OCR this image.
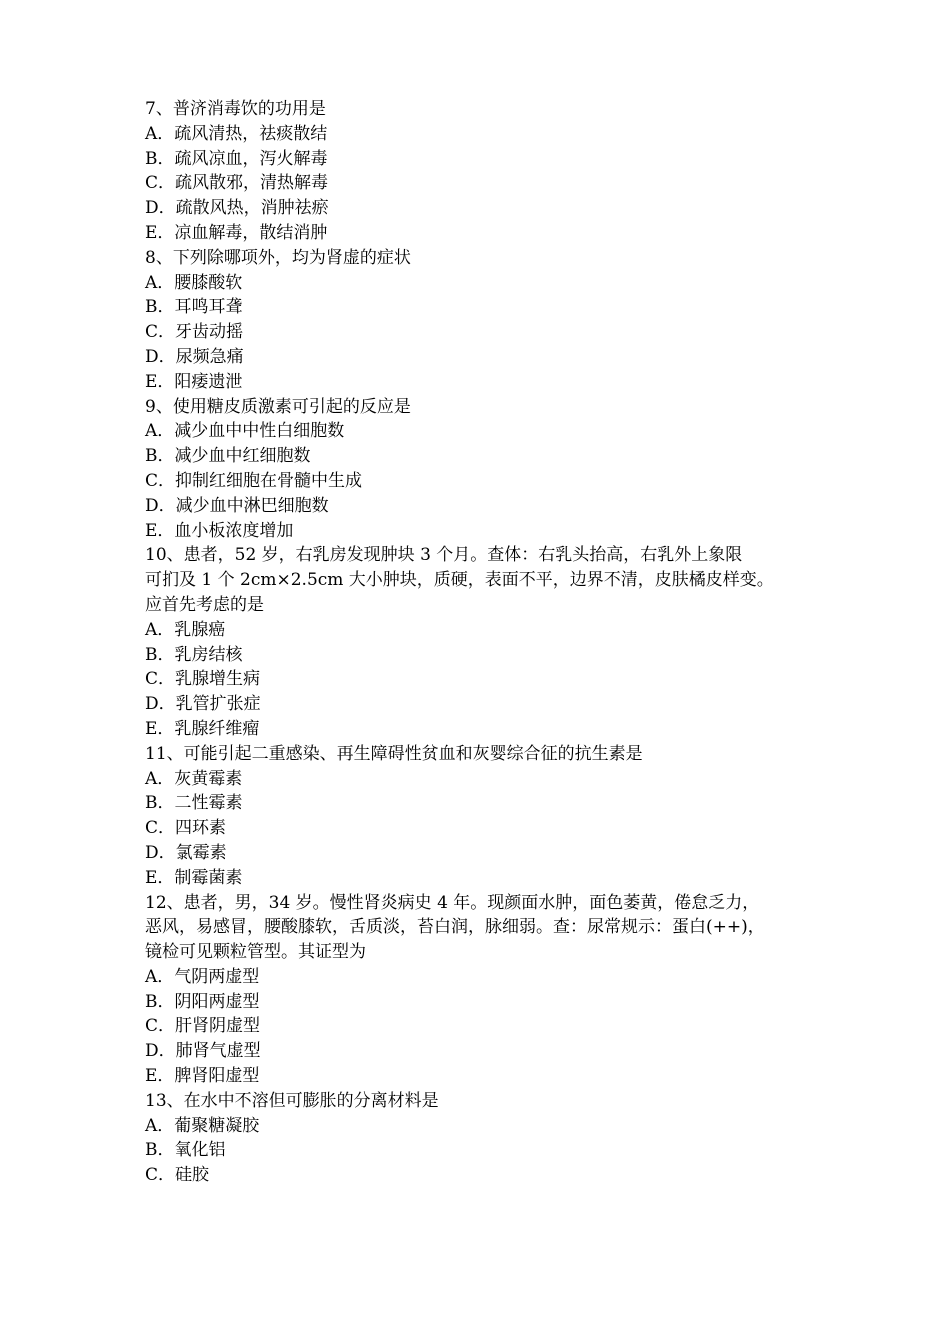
7、普济消毒饮的功用是
A．疏风清热，祛痰散结
B．疏风凉血，泻火解毒
C．疏风散邪，清热解毒
D．疏散风热，消肿祛瘀
E．凉血解毒，散结消肿
8、下列除哪项外，均为肾虚的症状
A．腰膝酸软
B．耳鸣耳聋
C．牙齿动摇
D．尿频急痛
E．阳痿遗泄
9、使用糖皮质激素可引起的反应是
A．减少血中中性白细胞数
B．减少血中红细胞数
C．抑制红细胞在骨髓中生成
D．减少血中淋巴细胞数
E．血小板浓度增加
10、患者，52 岁，右乳房发现肿块 3 个月。查体：右乳头抬高，右乳外上象限
可扪及 1 个 2cm×2.5cm 大小肿块，质硬，表面不平，边界不清，皮肤橘皮样变。
应首先考虑的是
A．乳腺癌
B．乳房结核
C．乳腺增生病
D．乳管扩张症
E．乳腺纤维瘤
11、可能引起二重感染、再生障碍性贫血和灰婴综合征的抗生素是
A．灰黄霉素
B．二性霉素
C．四环素
D．氯霉素
E．制霉菌素
12、患者，男，34 岁。慢性肾炎病史 4 年。现颜面水肿，面色萎黄，倦怠乏力，
恶风，易感冒，腰酸膝软，舌质淡，苔白润，脉细弱。查：尿常规示：蛋白(++)，
镜检可见颗粒管型。其证型为
A．气阴两虚型
B．阴阳两虚型
C．肝肾阴虚型
D．肺肾气虚型
E．脾肾阳虚型
13、在水中不溶但可膨胀的分离材料是
A．葡聚糖凝胶
B．氧化铝
C．硅胶
